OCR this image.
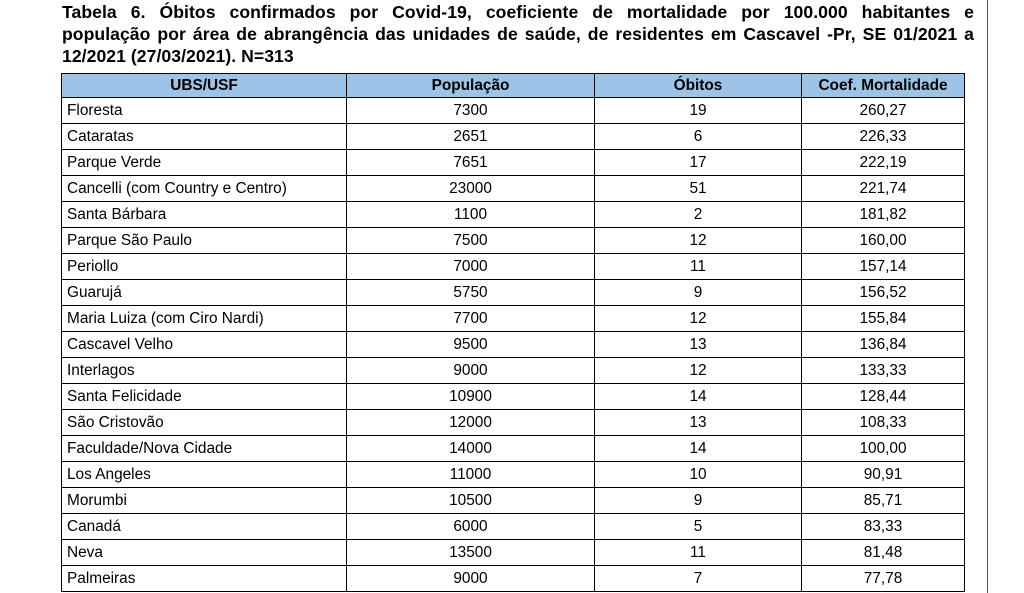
Tabela 6. Óbitos confirmados por Covid-19, coeficiente de mortalidade por 100.000 habitantes e
população por área de abrangência das unidades de saúde, de residentes em Cascavel -Pr, SE 01/2021 a
12/2021 (27/03/2021). N=313
UBS/USF	População	Óbitos	Coef. Mortalidade
Floresta	7300	19	260,27
Cataratas	2651	6	226,33
Parque Verde	7651	17	222,19
Cancelli (com Country e Centro)	23000	51	221,74
Santa Bárbara	1100	2	181,82
Parque São Paulo	7500	12	160,00
Periollo	7000	11	157,14
Guarujá	5750	9	156,52
Maria Luiza (com Ciro Nardi)	7700	12	155,84
Cascavel Velho	9500	13	136,84
Interlagos	9000	12	133,33
Santa Felicidade	10900	14	128,44
São Cristovão	12000	13	108,33
Faculdade/Nova Cidade	14000	14	100,00
Los Angeles	11000	10	90,91
Morumbi	10500	9	85,71
Canadá	6000	5	83,33
Neva	13500	11	81,48
Palmeiras	9000	7	77,78
